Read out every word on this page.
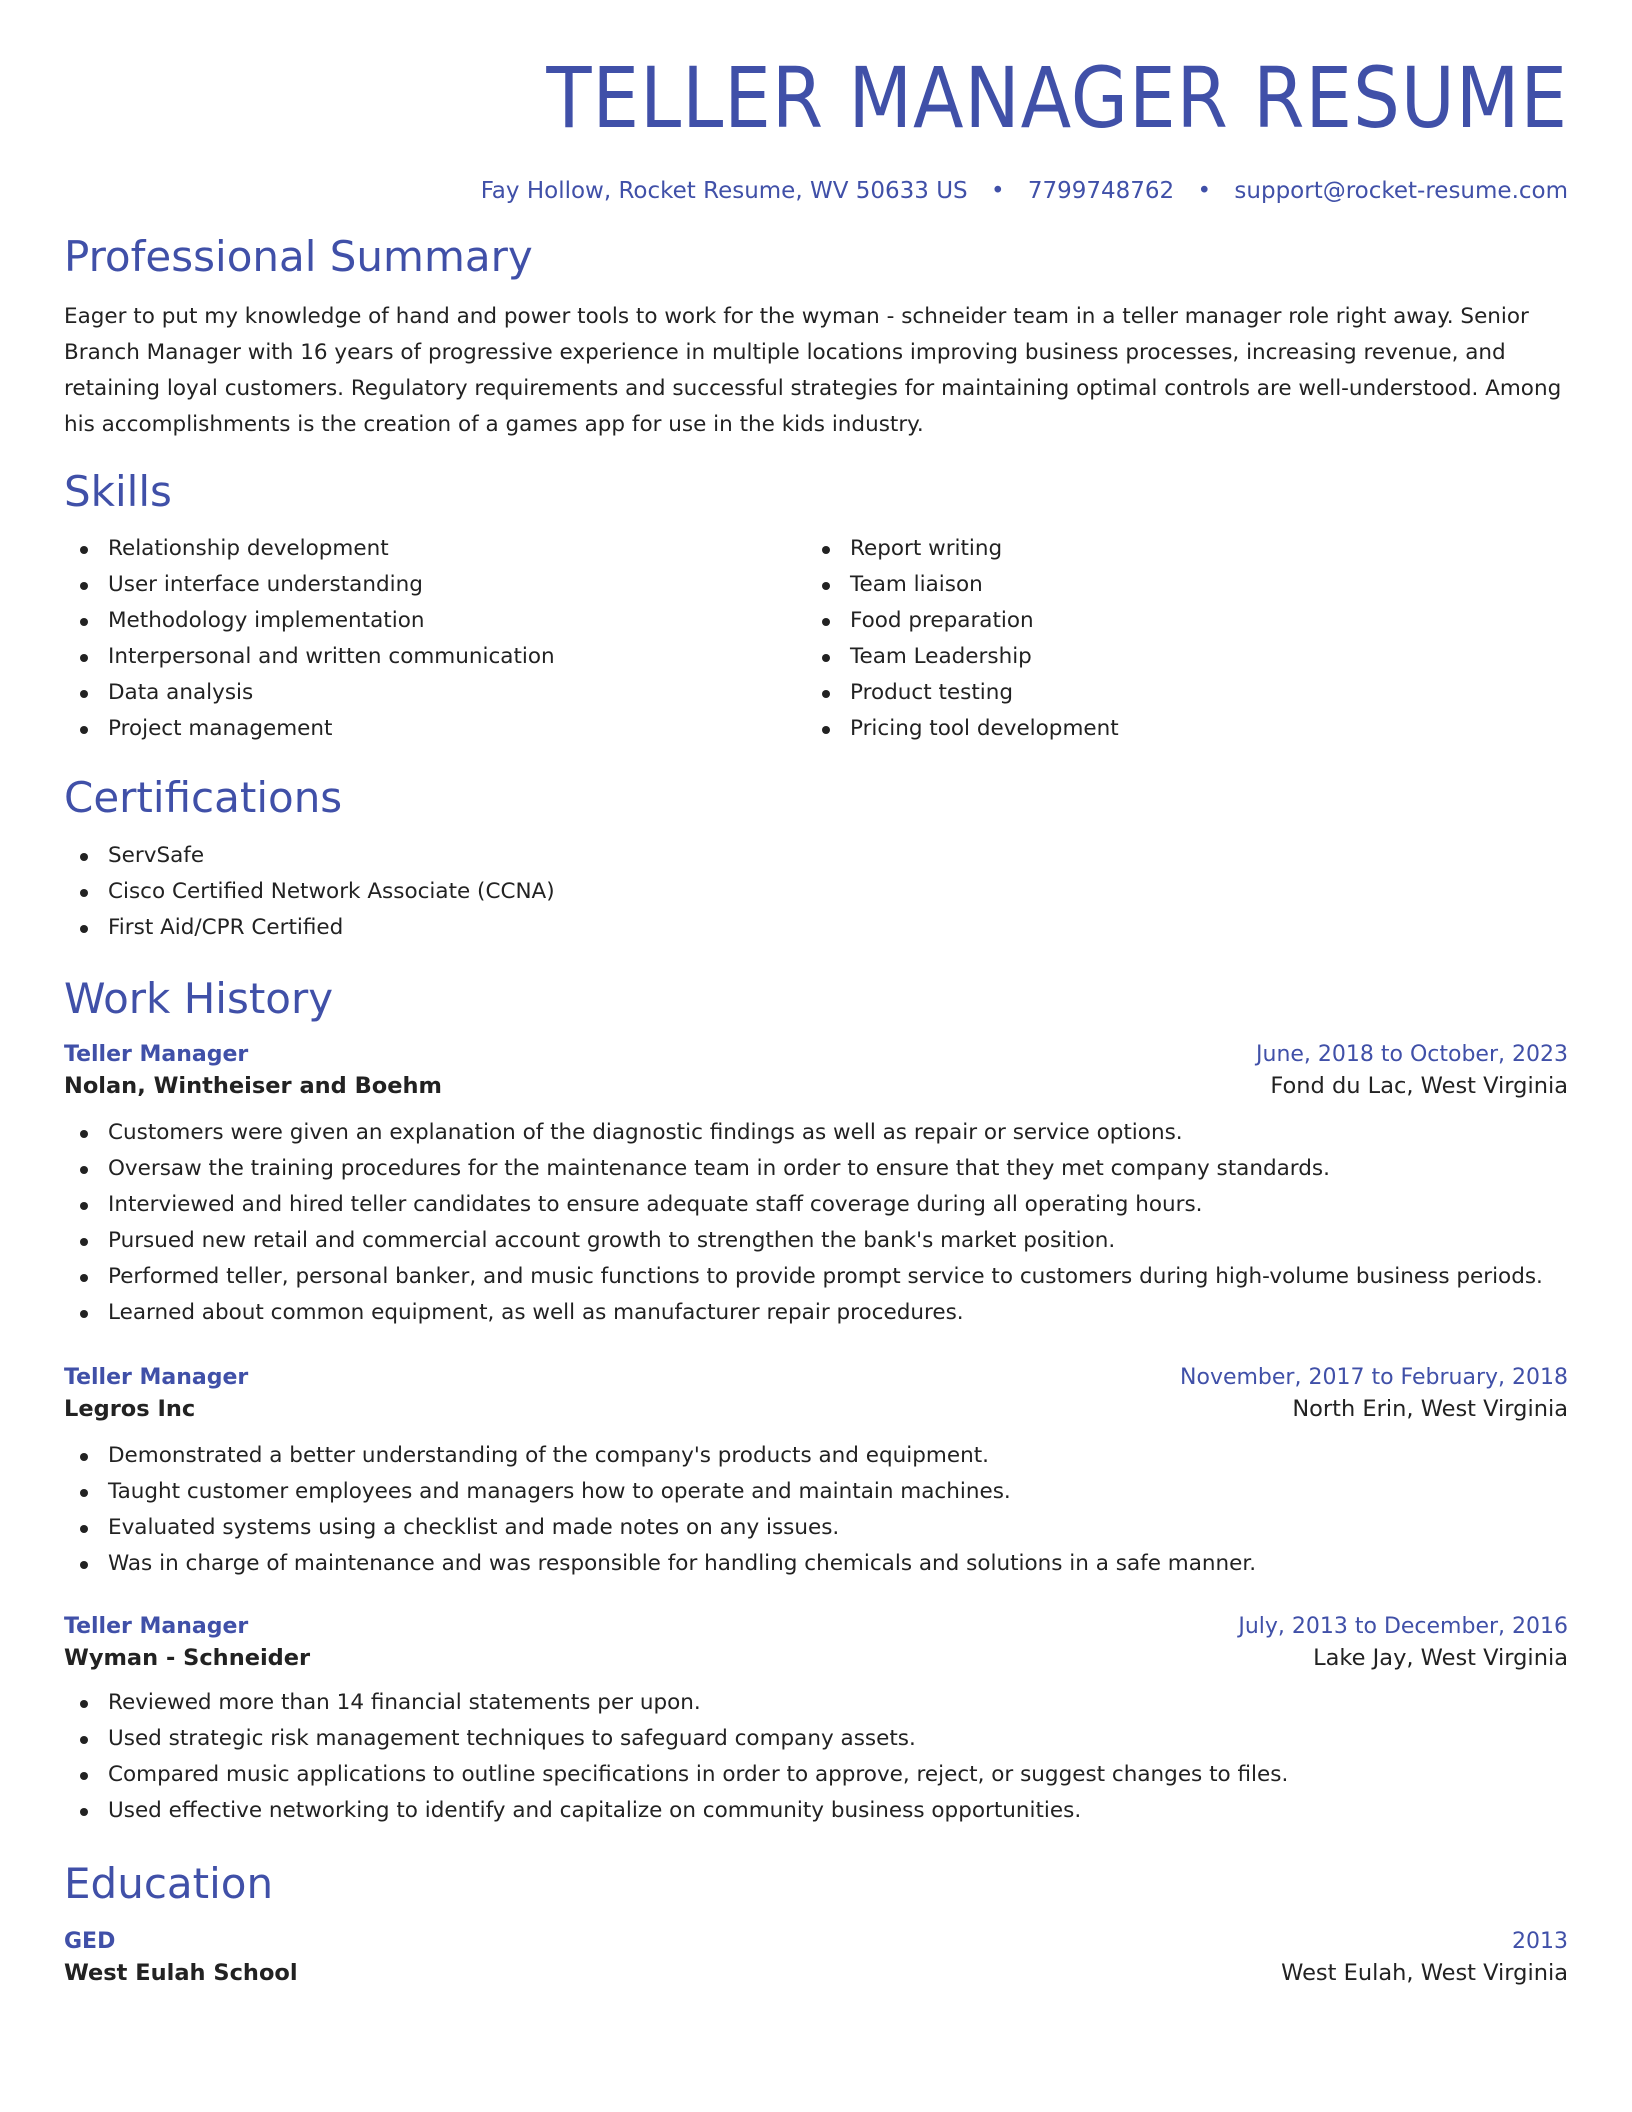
TELLER MANAGER RESUME
Fay Hollow, Rocket Resume, WV 50633 US • 7799748762 • support@rocket-resume.com
Professional Summary

Eager to put my knowledge of hand and power tools to work for the wyman - schneider team in a teller manager role right away. Senior Branch Manager with 16 years of progressive experience in multiple locations improving business processes, increasing revenue, and retaining loyal customers. Regulatory requirements and successful strategies for maintaining optimal controls are well-understood. Among his accomplishments is the creation of a games app for use in the kids industry.

Skills
Relationship development
User interface understanding
Methodology implementation
Interpersonal and written communication
Data analysis
Project management
Report writing
Team liaison
Food preparation
Team Leadership
Product testing
Pricing tool development
Certifications
ServSafe
Cisco Certified Network Associate (CCNA)
First Aid/CPR Certified
Work History
Teller Manager	June, 2018 to October, 2023
Nolan, Wintheiser and Boehm	Fond du Lac, West Virginia
Customers were given an explanation of the diagnostic findings as well as repair or service options.
Oversaw the training procedures for the maintenance team in order to ensure that they met company standards.
Interviewed and hired teller candidates to ensure adequate staff coverage during all operating hours.
Pursued new retail and commercial account growth to strengthen the bank's market position.
Performed teller, personal banker, and music functions to provide prompt service to customers during high-volume business periods.
Learned about common equipment, as well as manufacturer repair procedures.
Teller Manager	November, 2017 to February, 2018
Legros Inc	North Erin, West Virginia
Demonstrated a better understanding of the company's products and equipment.
Taught customer employees and managers how to operate and maintain machines.
Evaluated systems using a checklist and made notes on any issues.
Was in charge of maintenance and was responsible for handling chemicals and solutions in a safe manner.
Teller Manager	July, 2013 to December, 2016
Wyman - Schneider	Lake Jay, West Virginia
Reviewed more than 14 financial statements per upon.
Used strategic risk management techniques to safeguard company assets.
Compared music applications to outline specifications in order to approve, reject, or suggest changes to files.
Used effective networking to identify and capitalize on community business opportunities.
Education
GED	2013
West Eulah School	West Eulah, West Virginia
